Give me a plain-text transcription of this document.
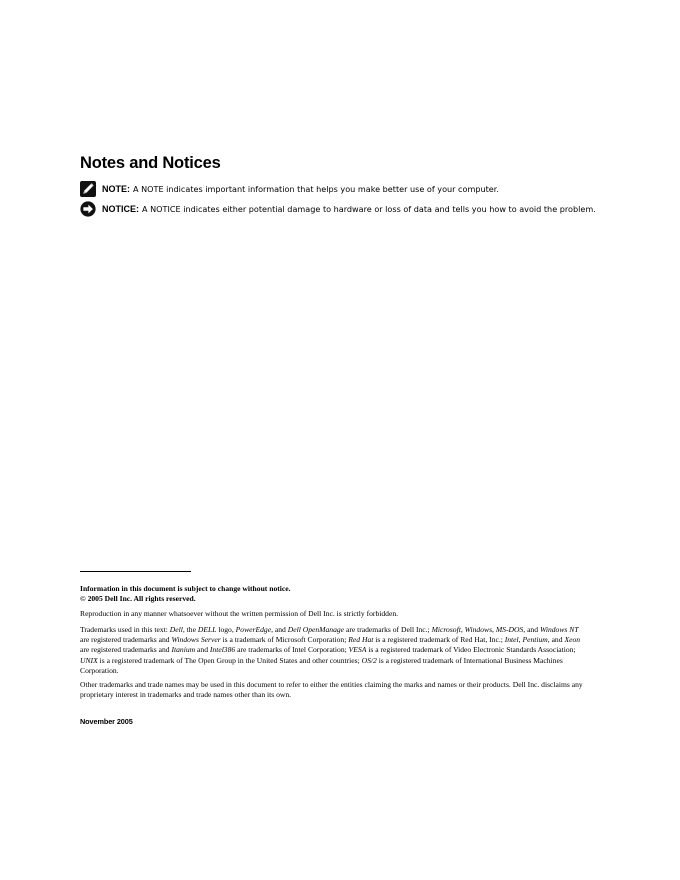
Notes and Notices
NOTE: A NOTE indicates important information that helps you make better use of your computer.
NOTICE: A NOTICE indicates either potential damage to hardware or loss of data and tells you how to avoid the problem.

Information in this document is subject to change without notice.

© 2005 Dell Inc. All rights reserved.

Reproduction in any manner whatsoever without the written permission of Dell Inc. is strictly forbidden.

Trademarks used in this text: Dell, the DELL logo, PowerEdge, and Dell OpenManage are trademarks of Dell Inc.; Microsoft, Windows, MS-DOS, and Windows NT are registered trademarks and Windows Server is a trademark of Microsoft Corporation; Red Hat is a registered trademark of Red Hat, Inc.; Intel, Pentium, and Xeon are registered trademarks and Itanium and Intel386 are trademarks of Intel Corporation; VESA is a registered trademark of Video Electronic Standards Association; UNIX is a registered trademark of The Open Group in the United States and other countries; OS/2 is a registered trademark of International Business Machines Corporation.

Other trademarks and trade names may be used in this document to refer to either the entities claiming the marks and names or their products. Dell Inc. disclaims any proprietary interest in trademarks and trade names other than its own.

November 2005
